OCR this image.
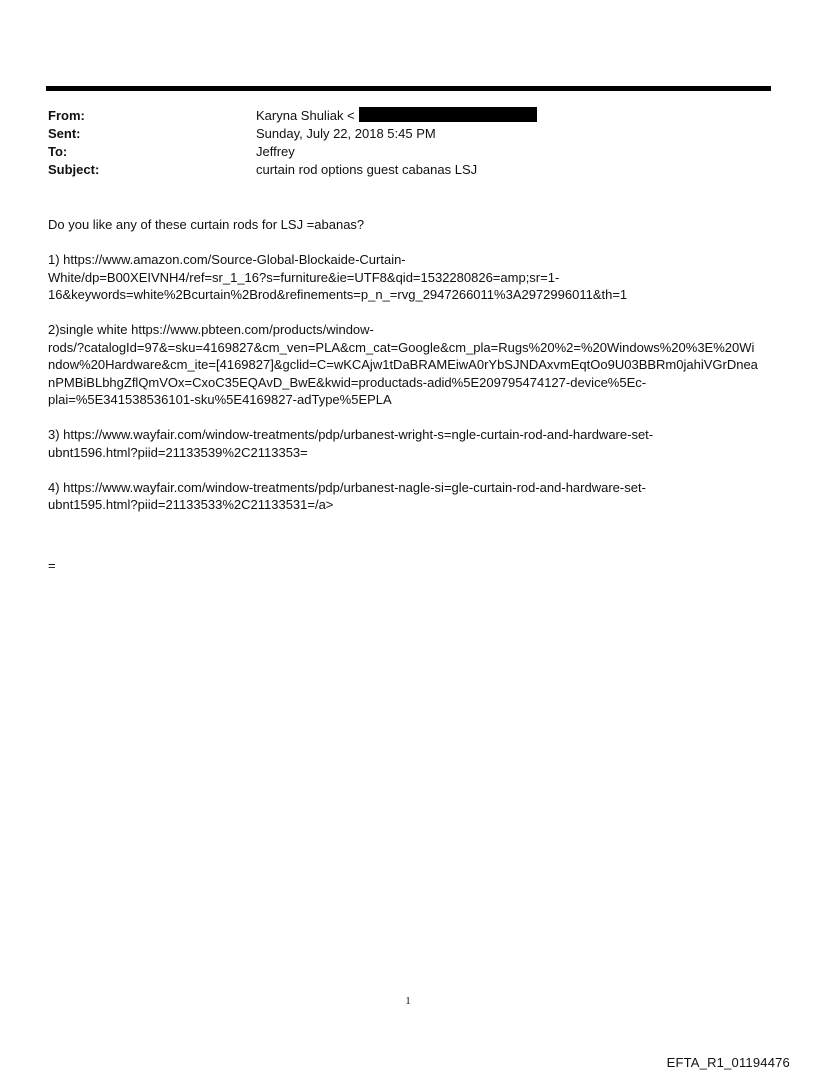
From:	Karyna Shuliak <
Sent:	Sunday, July 22, 2018 5:45 PM
To:	Jeffrey
Subject:	curtain rod options guest cabanas LSJ

Do you like any of these curtain rods for LSJ =abanas?

1) https://www.amazon.com/Source-Global-Blockaide-Curtain-
White/dp=B00XEIVNH4/ref=sr_1_16?s=furniture&ie=UTF8&qid=1532280826=amp;sr=1-
16&keywords=white%2Bcurtain%2Brod&refinements=p_n_=rvg_2947266011%3A2972996011&th=1

2)single white https://www.pbteen.com/products/window-
rods/?catalogId=97&=sku=4169827&cm_ven=PLA&cm_cat=Google&cm_pla=Rugs%20%2=%20Windows%20%3E%20Wi
ndow%20Hardware&cm_ite=[4169827]&gclid=C=wKCAjw1tDaBRAMEiwA0rYbSJNDAxvmEqtOo9U03BBRm0jahiVGrDnea
nPMBiBLbhgZflQmVOx=CxoC35EQAvD_BwE&kwid=productads-adid%5E209795474127-device%5Ec-
plai=%5E341538536101-sku%5E4169827-adType%5EPLA

3) https://www.wayfair.com/window-treatments/pdp/urbanest-wright-s=ngle-curtain-rod-and-hardware-set-
ubnt1596.html?piid=21133539%2C2113353=

4) https://www.wayfair.com/window-treatments/pdp/urbanest-nagle-si=gle-curtain-rod-and-hardware-set-
ubnt1595.html?piid=21133533%2C21133531=/a>

=
1
EFTA_R1_01194476
